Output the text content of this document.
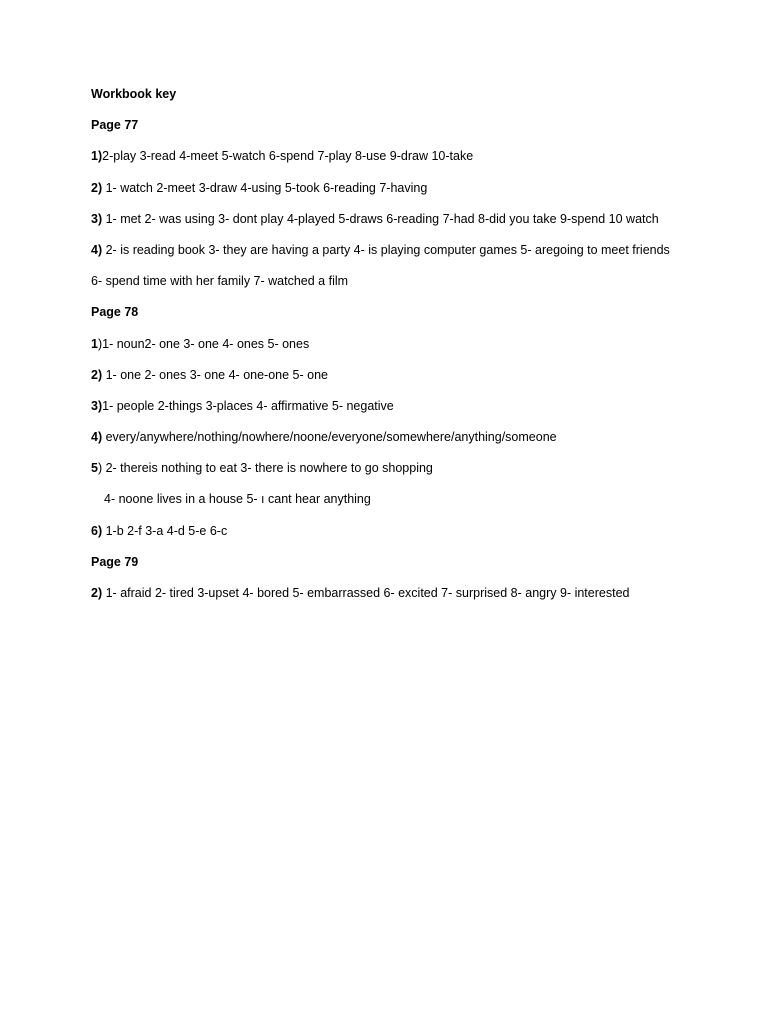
Workbook key
Page 77
1)2-play 3-read 4-meet 5-watch 6-spend 7-play 8-use 9-draw 10-take
2) 1- watch 2-meet 3-draw 4-using 5-took 6-reading 7-having
3) 1- met 2- was using 3- dont play 4-played 5-draws 6-reading 7-had 8-did you take 9-spend 10 watch
4) 2- is reading book 3- they are having a party 4- is playing computer games 5- aregoing to meet friends
6- spend time with her family 7- watched a film
Page 78
1)1- noun2- one 3- one 4- ones 5- ones
2) 1- one 2- ones 3- one 4- one-one 5- one
3)1- people 2-things 3-places 4- affirmative 5- negative
4) every/anywhere/nothing/nowhere/noone/everyone/somewhere/anything/someone
5) 2- thereis nothing to eat 3- there is nowhere to go shopping
4- noone lives in a house 5- ı cant hear anything
6) 1-b 2-f 3-a 4-d 5-e 6-c
Page 79
2) 1- afraid 2- tired 3-upset 4- bored 5- embarrassed 6- excited 7- surprised 8- angry 9- interested
